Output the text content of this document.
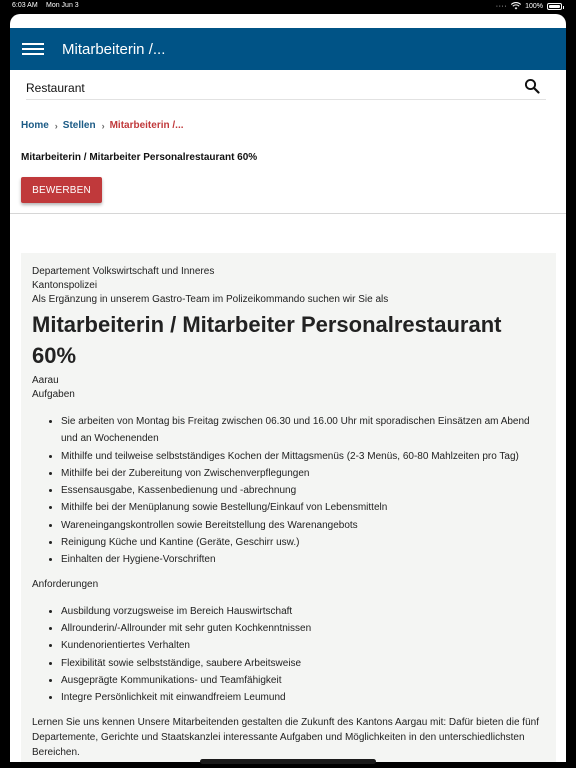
6:03 AM Mon Jun 3	····	100%
Mitarbeiterin /...
Restaurant
Home › Stellen › Mitarbeiterin /...
Mitarbeiterin / Mitarbeiter Personalrestaurant 60%
BEWERBEN
Departement Volkswirtschaft und Inneres
Kantonspolizei
Als Ergänzung in unserem Gastro-Team im Polizeikommando suchen wir Sie als
Mitarbeiterin / Mitarbeiter Personalrestaurant 60%
Aarau
Aufgaben
• Sie arbeiten von Montag bis Freitag zwischen 06.30 und 16.00 Uhr mit sporadischen Einsätzen am Abend und an Wochenenden
• Mithilfe und teilweise selbstständiges Kochen der Mittagsmenüs (2-3 Menüs, 60-80 Mahlzeiten pro Tag)
• Mithilfe bei der Zubereitung von Zwischenverpflegungen
• Essensausgabe, Kassenbedienung und -abrechnung
• Mithilfe bei der Menüplanung sowie Bestellung/Einkauf von Lebensmitteln
• Wareneingangskontrollen sowie Bereitstellung des Warenangebots
• Reinigung Küche und Kantine (Geräte, Geschirr usw.)
• Einhalten der Hygiene-Vorschriften
Anforderungen
• Ausbildung vorzugsweise im Bereich Hauswirtschaft
• Allrounderin/-Allrounder mit sehr guten Kochkenntnissen
• Kundenorientiertes Verhalten
• Flexibilität sowie selbstständige, saubere Arbeitsweise
• Ausgeprägte Kommunikations- und Teamfähigkeit
• Integre Persönlichkeit mit einwandfreiem Leumund

Lernen Sie uns kennen Unsere Mitarbeitenden gestalten die Zukunft des Kantons Aargau mit: Dafür bieten die fünf Departemente, Gerichte und Staatskanzlei interessante Aufgaben und Möglichkeiten in den unterschiedlichsten Bereichen.
